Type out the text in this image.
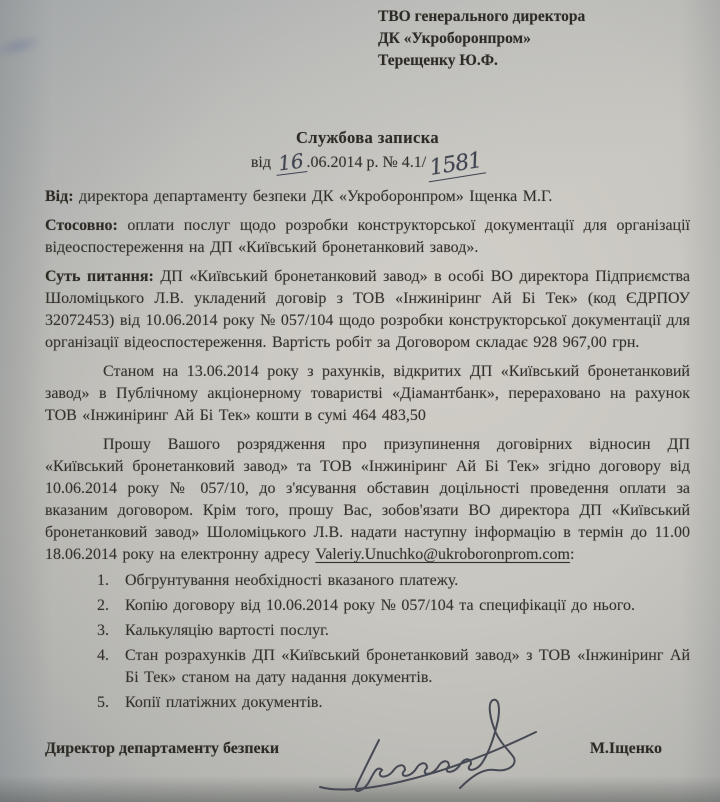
ТВО генерального директора
ДК «Укроборонпром»
Терещенку Ю.Ф.
Службова записка
від 16.06.2014 р. № 4.1/1581

Від: директора департаменту безпеки ДК «Укроборонпром» Іщенка М.Г.

Стосовно: оплати послуг щодо розробки конструкторської документації для організації відеоспостереження на ДП «Київський бронетанковий завод».

Суть питання: ДП «Київський бронетанковий завод» в особі ВО директора Підприємства Шоломіцького Л.В. укладений договір з ТОВ «Інжиніринг Ай Бі Тек» (код ЄДРПОУ 32072453) від 10.06.2014 року № 057/104 щодо розробки конструкторської документації для організації відеоспостереження. Вартість робіт за Договором складає 928 967,00 грн.

Станом на 13.06.2014 року з рахунків, відкритих ДП «Київський бронетанковий завод» в Публічному акціонерному товаристві «Діамантбанк», перераховано на рахунок ТОВ «Інжиніринг Ай Бі Тек» кошти в сумі 464 483,50

Прошу Вашого розрядження про призупинення договірних відносин ДП «Київський бронетанковий завод» та ТОВ «Інжиніринг Ай Бі Тек» згідно договору від 10.06.2014 року № 057/10, до з'ясування обставин доцільності проведення оплати за вказаним договором. Крім того, прошу Вас, зобов'язати ВО директора ДП «Київський бронетанковий завод» Шоломіцького Л.В. надати наступну інформацію в термін до 11.00 18.06.2014 року на електронну адресу Valeriy.Unuchko@ukroboronprom.com:

Обгрунтування необхідності вказаного платежу.
Копію договору від 10.06.2014 року № 057/104 та специфікації до нього.
Калькуляцію вартості послуг.
Стан розрахунків ДП «Київський бронетанковий завод» з ТОВ «Інжиніринг Ай Бі Тек» станом на дату надання документів.
Копії платіжних документів.
Директор департаменту безпеки	М.Іщенко
